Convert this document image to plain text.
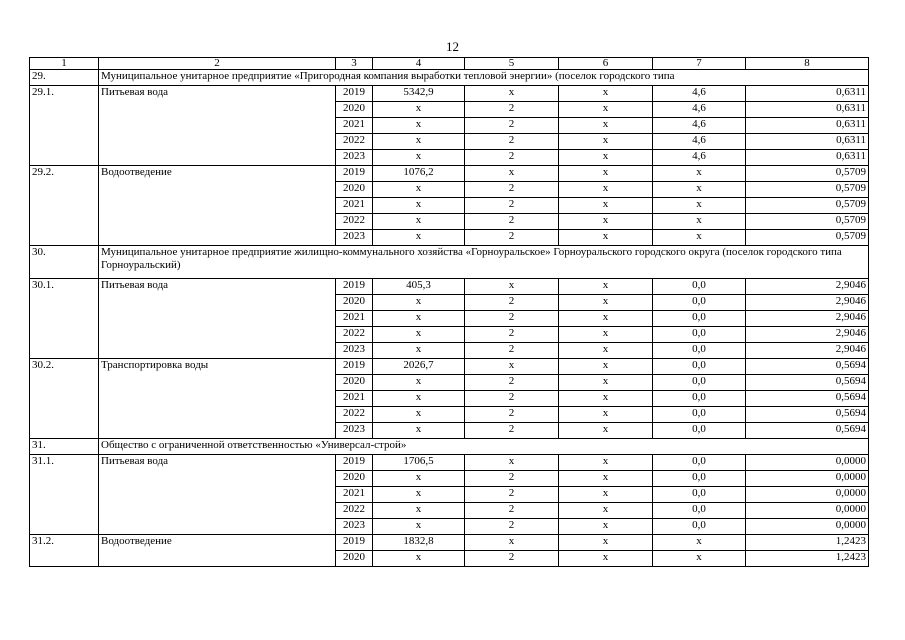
12
1	2	3	4	5	6	7	8
29.	Муниципальное унитарное предприятие «Пригородная компания выработки тепловой энергии» (поселок городского типа						
29.1.	Питьевая вода	2019	5342,9	x	x	4,6	0,6311
		2020	x	2	x	4,6	0,6311
		2021	x	2	x	4,6	0,6311
		2022	x	2	x	4,6	0,6311
		2023	x	2	x	4,6	0,6311
29.2.	Водоотведение	2019	1076,2	x	x	x	0,5709
		2020	x	2	x	x	0,5709
		2021	x	2	x	x	0,5709
		2022	x	2	x	x	0,5709
		2023	x	2	x	x	0,5709
30.	Муниципальное унитарное предприятие жилищно-коммунального хозяйства «Горноуральское» Горноуральского городского округа (поселок городского типа Горноуральский)						
30.1.	Питьевая вода	2019	405,3	x	x	0,0	2,9046
		2020	x	2	x	0,0	2,9046
		2021	x	2	x	0,0	2,9046
		2022	x	2	x	0,0	2,9046
		2023	x	2	x	0,0	2,9046
30.2.	Транспортировка воды	2019	2026,7	x	x	0,0	0,5694
		2020	x	2	x	0,0	0,5694
		2021	x	2	x	0,0	0,5694
		2022	x	2	x	0,0	0,5694
		2023	x	2	x	0,0	0,5694
31.	Общество с ограниченной ответственностью «Универсал-строй»						
31.1.	Питьевая вода	2019	1706,5	x	x	0,0	0,0000
		2020	x	2	x	0,0	0,0000
		2021	x	2	x	0,0	0,0000
		2022	x	2	x	0,0	0,0000
		2023	x	2	x	0,0	0,0000
31.2.	Водоотведение	2019	1832,8	x	x	x	1,2423
		2020	x	2	x	x	1,2423
